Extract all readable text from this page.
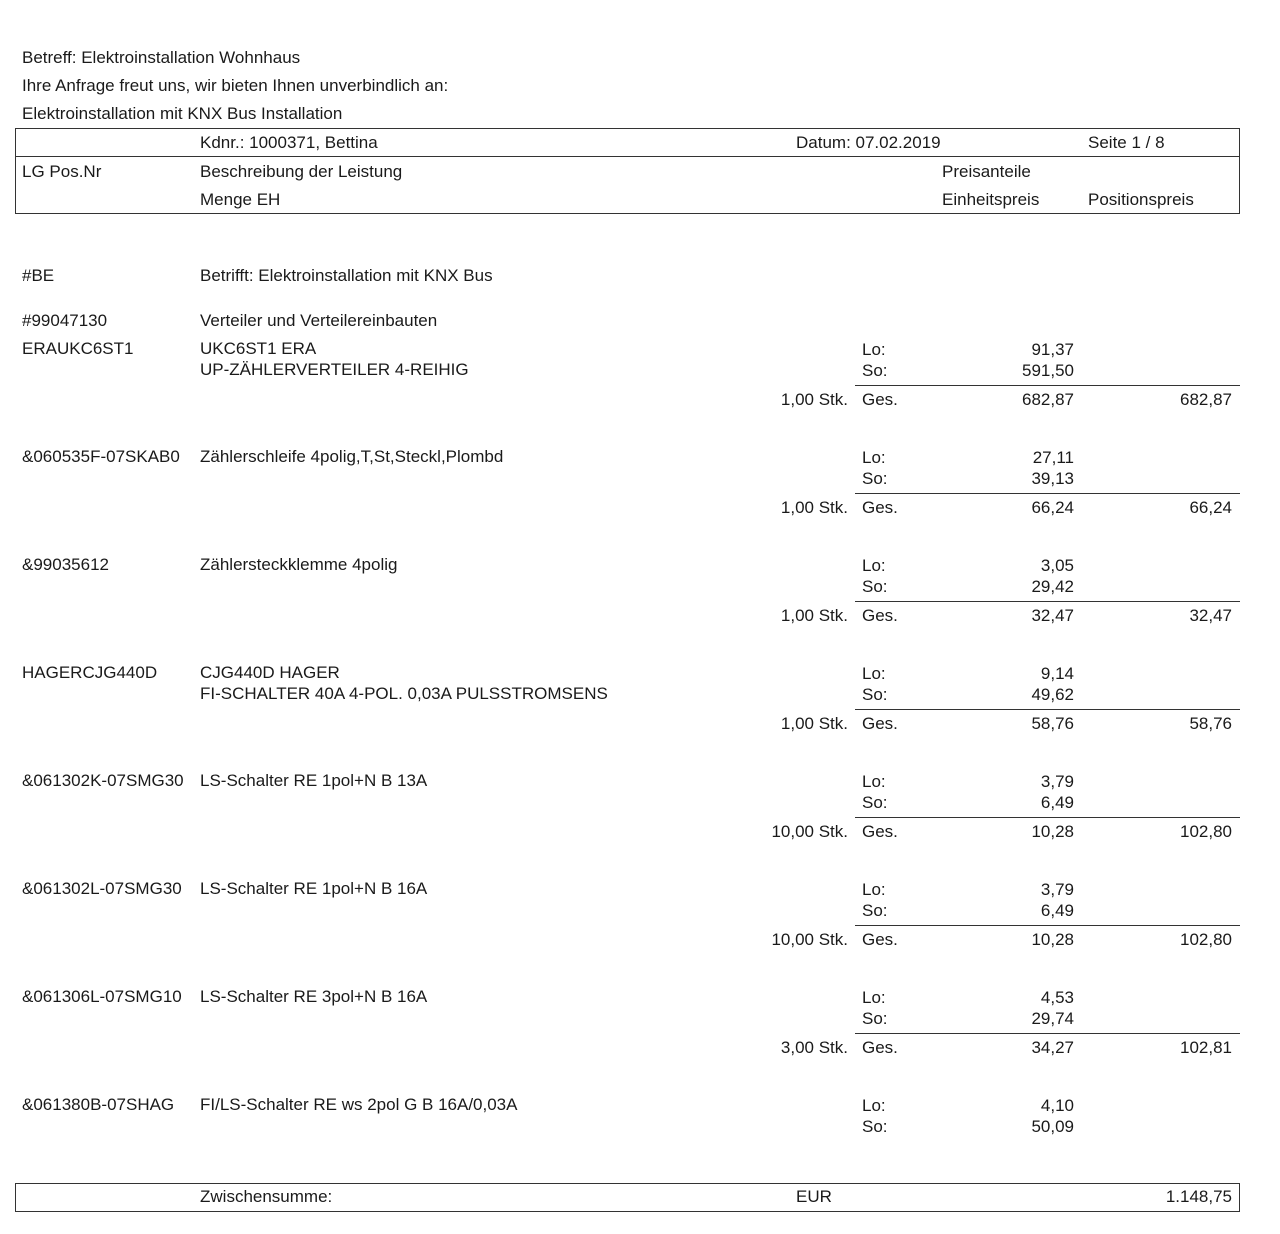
Betreff: Elektroinstallation Wohnhaus
Ihre Anfrage freut uns, wir bieten Ihnen unverbindlich an:
Elektroinstallation mit KNX Bus Installation
Kdnr.: 1000371, Bettina	Datum: 07.02.2019	Seite 1 / 8
LG Pos.Nr	Beschreibung der Leistung
Menge EH
Preisanteile
Einheitspreis	Positionspreis
#BE	Betrifft: Elektroinstallation mit KNX Bus
#99047130	Verteiler und Verteilereinbauten
ERAUKC6ST1	UKC6ST1 ERA
UP-ZÄHLERVERTEILER 4-REIHIG
Lo:	91,37
So:	591,50
1,00 Stk. Ges.	682,87	682,87
&060535F-07SKAB0	Zählerschleife 4polig,T,St,Steckl,Plombd	Lo:	27,11
So:	39,13
1,00 Stk. Ges.	66,24	66,24
&99035612	Zählersteckklemme 4polig	Lo:	3,05
So:	29,42
1,00 Stk. Ges.	32,47	32,47
HAGERCJG440D	CJG440D HAGER
FI-SCHALTER 40A 4-POL. 0,03A PULSSTROMSENS
Lo:	9,14
So:	49,62
1,00 Stk. Ges.	58,76	58,76
&061302K-07SMG30 LS-Schalter RE 1pol+N B 13A	Lo:	3,79
So:	6,49
10,00 Stk. Ges.	10,28	102,80
&061302L-07SMG30	LS-Schalter RE 1pol+N B 16A	Lo:	3,79
So:	6,49
10,00 Stk. Ges.	10,28	102,80
&061306L-07SMG10	LS-Schalter RE 3pol+N B 16A	Lo:	4,53
So:	29,74
3,00 Stk. Ges.	34,27	102,81
&061380B-07SHAG	FI/LS-Schalter RE ws 2pol G B 16A/0,03A	Lo:	4,10
So:	50,09
Zwischensumme:	EUR	1.148,75
